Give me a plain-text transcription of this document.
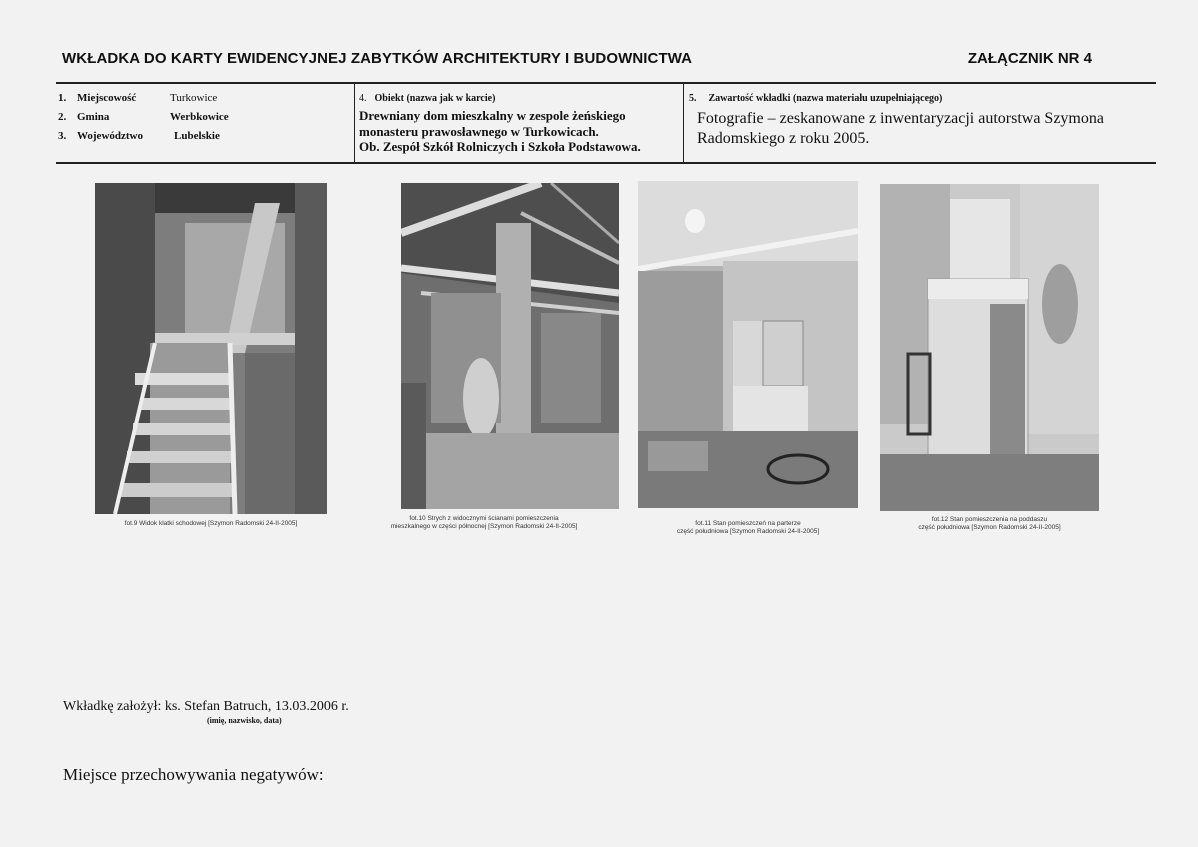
WKŁADKA DO KARTY EWIDENCYJNEJ ZABYTKÓW ARCHITEKTURY I BUDOWNICTWA	ZAŁĄCZNIK NR 4
1. Miejscowość	Turkowice
2. Gmina	Werbkowice
3. Województwo	Lubelskie
4. Obiekt (nazwa jak w karcie)
Drewniany dom mieszkalny w zespole żeńskiego
monasteru prawosławnego w Turkowicach.
Ob. Zespół Szkół Rolniczych i Szkoła Podstawowa.
5. Zawartość wkładki (nazwa materiału uzupełniającego)
Fotografie – zeskanowane z inwentaryzacji autorstwa Szymona
Radomskiego z roku 2005.
fot.9 Widok klatki schodowej [Szymon Radomski 24-II-2005]
fot.10 Strych z widocznymi ścianami pomieszczenia
mieszkalnego w części północnej [Szymon Radomski 24-II-2005]	fot.11 Stan pomieszczeń na parterze
część południowa [Szymon Radomski 24-II-2005]
fot.12 Stan pomieszczenia na poddaszu
część południowa [Szymon Radomski 24-II-2005]
Wkładkę założył: ks. Stefan Batruch, 13.03.2006 r.
(imię, nazwisko, data)
Miejsce przechowywania negatywów:
